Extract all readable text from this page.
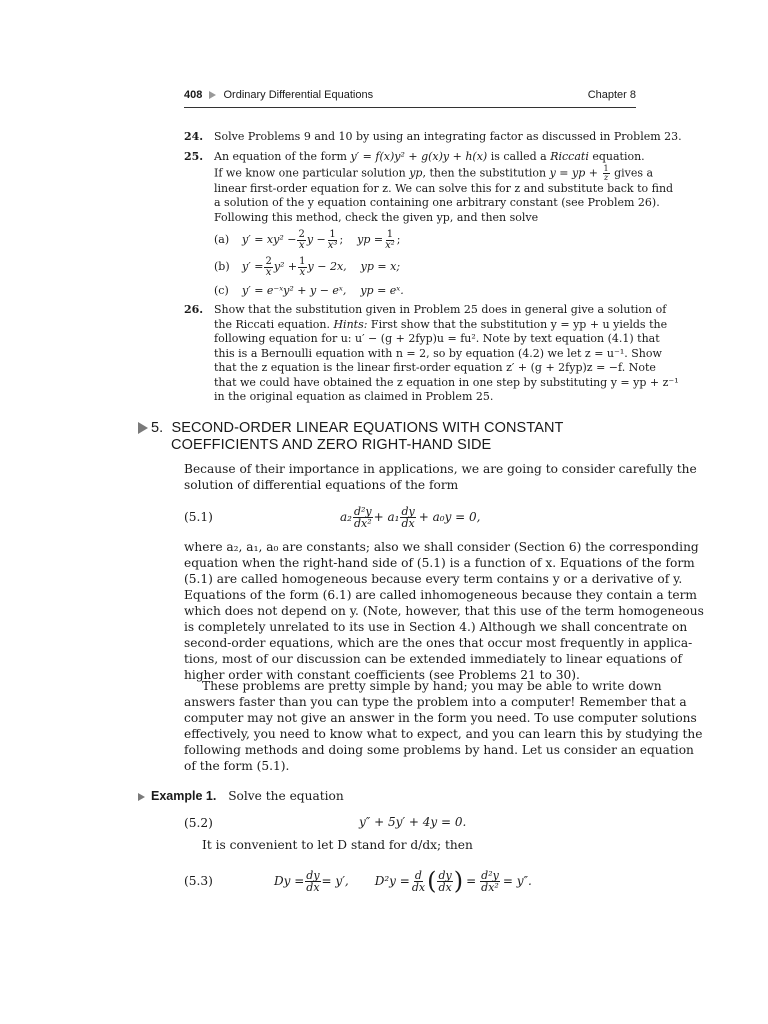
408 Ordinary Differential Equations	Chapter 8
24. Solve Problems 9 and 10 by using an integrating factor as discussed in Problem 23.
25. An equation of the form y′ = f(x)y² + g(x)y + h(x) is called a Riccati equation.
If we know one particular solution yp, then the substitution y = yp + $\frac{1}{z}$ gives a
linear first-order equation for z. We can solve this for z and substitute back to find
a solution of the y equation containing one arbitrary constant (see Problem 26).
Following this method, check the given yp, and then solve
(a)	$y' = xy^2 - \frac{2}{x}$ $y - \frac{1}{\text{x³}}$ ; yp = $\frac{1}{\text{x²}}$ ;
(b)	$y' = \frac{2}{x} y^2 + \frac{1}{x}$ y − 2x, yp = x;
(c) y′ = e⁻ˣy² + y − eˣ, yp = eˣ.
26. Show that the substitution given in Problem 25 does in general give a solution of
the Riccati equation. Hints: First show that the substitution y = yp + u yields the
following equation for u: u′ − (g + 2fyp)u = fu². Note by text equation (4.1) that
this is a Bernoulli equation with n = 2, so by equation (4.2) we let z = u⁻¹. Show
that the z equation is the linear first-order equation z′ + (g + 2fyp)z = −f. Note
that we could have obtained the z equation in one step by substituting y = yp + z⁻¹
in the original equation as claimed in Problem 25.
5. SECOND-ORDER LINEAR EQUATIONS WITH CONSTANT
COEFFICIENTS AND ZERO RIGHT-HAND SIDE
Because of their importance in applications, we are going to consider carefully the
solution of differential equations of the form
(5.1)	$a_2 \frac{\text{d²y}}{\text{dx²}} + a_1 \frac{dy}{dx} + a_0y = 0$,
where a₂, a₁, a₀ are constants; also we shall consider (Section 6) the corresponding
equation when the right-hand side of (5.1) is a function of x. Equations of the form
(5.1) are called homogeneous because every term contains y or a derivative of y.
Equations of the form (6.1) are called inhomogeneous because they contain a term
which does not depend on y. (Note, however, that this use of the term homogeneous
is completely unrelated to its use in Section 4.) Although we shall concentrate on
second-order equations, which are the ones that occur most frequently in applica-
tions, most of our discussion can be extended immediately to linear equations of
higher order with constant coefficients (see Problems 21 to 30).
These problems are pretty simple by hand; you may be able to write down
answers faster than you can type the problem into a computer! Remember that a
computer may not give an answer in the form you need. To use computer solutions
effectively, you need to know what to expect, and you can learn this by studying the
following methods and doing some problems by hand. Let us consider an equation
of the form (5.1).
Example 1. Solve the equation
(5.2)	y″ + 5y′ + 4y = 0.
It is convenient to let D stand for d/dx; then
(5.3)	$Dy = \frac{dy}{dx} = y'$, $D^2y = \frac{d}{dx}$ ( $\frac{dy}{dx}$ ) = $\frac{\text{d²y}}{\text{dx²}} = y''$.
